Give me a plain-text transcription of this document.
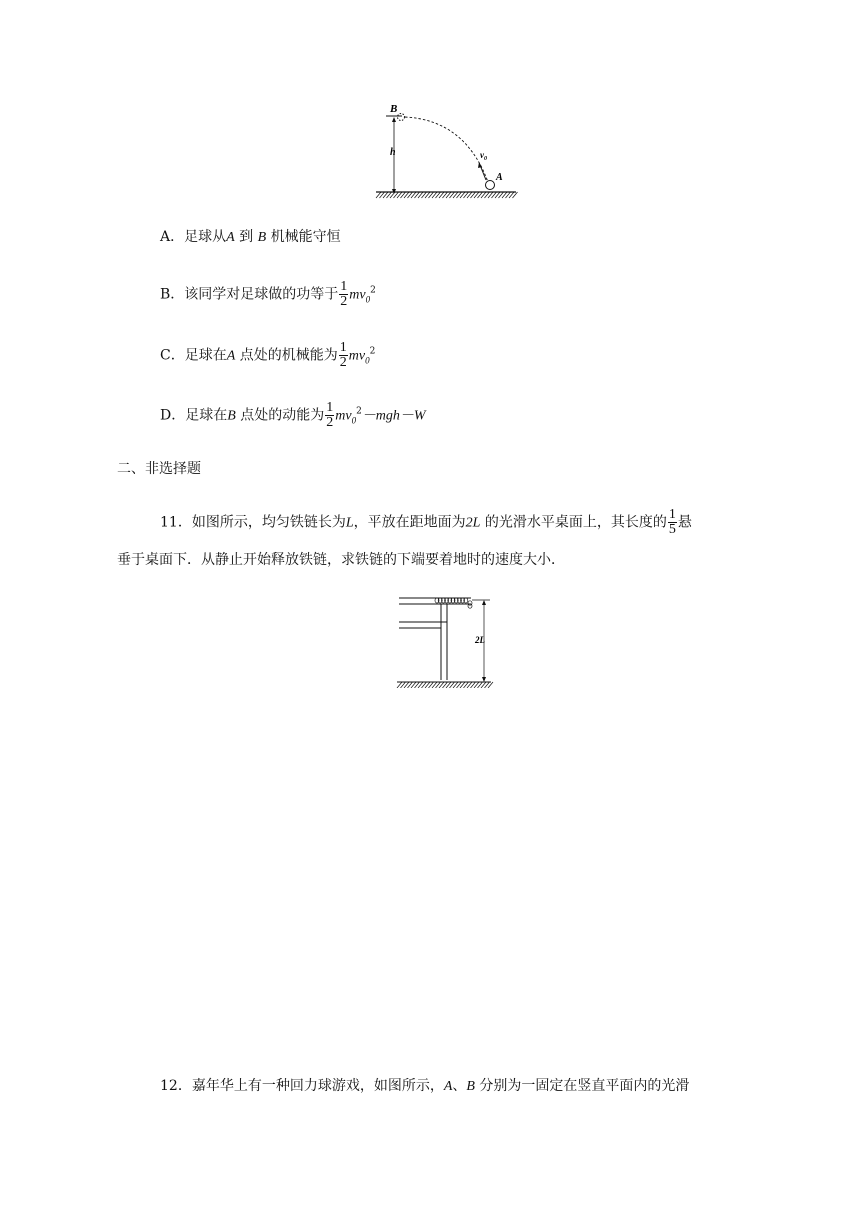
B
h	$v_0$
A
A．足球从A 到 B 机械能守恒
B．该同学对足球做的功等于 $\frac{1}{2} mv_0^2$
C．足球在A 点处的机械能为 $\frac{1}{2} mv_0^2$
D．足球在B 点处的动能为 $\frac{1}{2} mv_0^2-mgh-W$
二、非选择题
11．如图所示，均匀铁链长为L，平放在距地面为2L 的光滑水平桌面上，其长度的 $\frac{1}{5}$ 悬
垂于桌面下．从静止开始释放铁链，求铁链的下端要着地时的速度大小．
2L
12．嘉年华上有一种回力球游戏，如图所示，A、B 分别为一固定在竖直平面内的光滑
